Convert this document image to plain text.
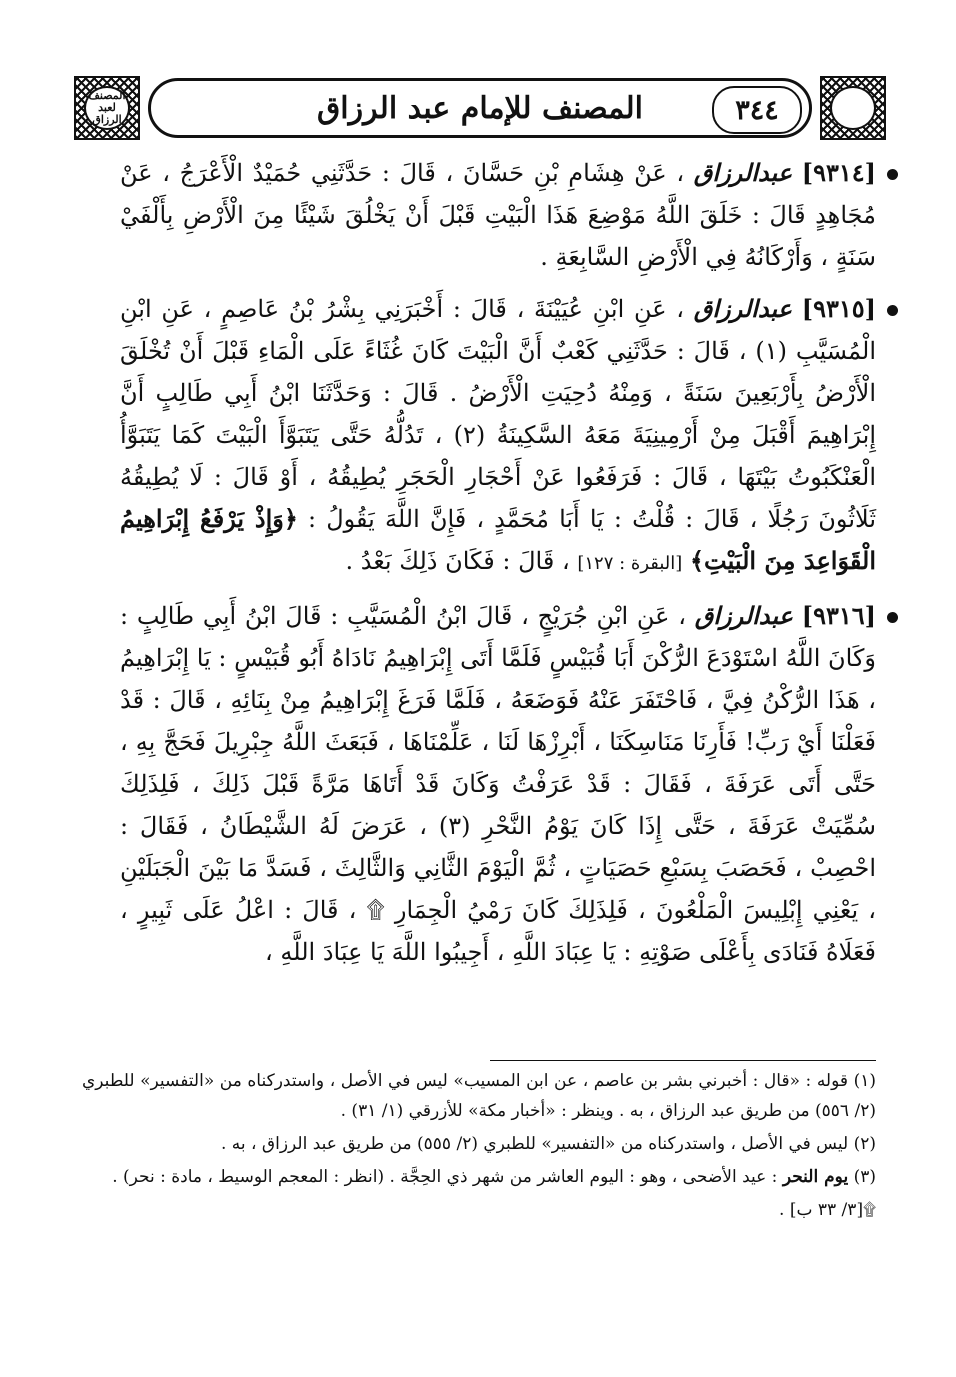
المصنف لعبد الرزاق	المصنف للإمام عبد الرزاق	٣٤٤

[٩٣١٤] عبدالرزاق ، عَنْ هِشَامِ بْنِ حَسَّانَ ، قَالَ : حَدَّثَنِي حُمَيْدٌ الْأَعْرَجُ ، عَنْ مُجَاهِدٍ قَالَ : خَلَقَ اللَّهُ مَوْضِعَ هَذَا الْبَيْتِ قَبْلَ أَنْ يَخْلُقَ شَيْئًا مِنَ الْأَرْضِ بِأَلْفَيْ سَنَةٍ ، وَأَرْكَانُهُ فِي الْأَرْضِ السَّابِعَةِ .

[٩٣١٥] عبدالرزاق ، عَنِ ابْنِ عُيَيْنَةَ ، قَالَ : أَخْبَرَنِي بِشْرُ بْنُ عَاصِمٍ ، عَنِ ابْنِ الْمُسَيَّبِ (١) ، قَالَ : حَدَّثَنِي كَعْبٌ أَنَّ الْبَيْتَ كَانَ غُثَاءً عَلَى الْمَاءِ قَبْلَ أَنْ تُخْلَقَ الْأَرْضُ بِأَرْبَعِينَ سَنَةً ، وَمِنْهُ دُحِيَتِ الْأَرْضُ . قَالَ : وَحَدَّثَنَا ابْنُ أَبِي طَالِبٍ أَنَّ إِبْرَاهِيمَ أَقْبَلَ مِنْ أَرْمِينِيَةَ مَعَهُ السَّكِينَةُ (٢) ، تَدُلُّهُ حَتَّى يَتَبَوَّأَ الْبَيْتَ كَمَا يَتَبَوَّأُ الْعَنْكَبُوتُ بَيْتَهَا ، قَالَ : فَرَفَعُوا عَنْ أَحْجَارِ الْحَجَرِ يُطِيقُهُ ، أَوْ قَالَ : لَا يُطِيقُهُ ثَلَاثُونَ رَجُلًا ، قَالَ : قُلْتُ : يَا أَبَا مُحَمَّدٍ ، فَإِنَّ اللَّهَ يَقُولُ : ﴿وَإِذْ يَرْفَعُ إِبْرَاهِيمُ الْقَوَاعِدَ مِنَ الْبَيْتِ﴾ [البقرة : ١٢٧] ، قَالَ : فَكَانَ ذَلِكَ بَعْدُ .

[٩٣١٦] عبدالرزاق ، عَنِ ابْنِ جُرَيْجٍ ، قَالَ ابْنُ الْمُسَيَّبِ : قَالَ ابْنُ أَبِي طَالِبٍ : وَكَانَ اللَّهُ اسْتَوْدَعَ الرُّكْنَ أَبَا قُبَيْسٍ فَلَمَّا أَتَى إِبْرَاهِيمُ نَادَاهُ أَبُو قُبَيْسٍ : يَا إِبْرَاهِيمُ ، هَذَا الرُّكْنُ فِيَّ ، فَاحْتَفَرَ عَنْهُ فَوَضَعَهُ ، فَلَمَّا فَرَغَ إِبْرَاهِيمُ مِنْ بِنَائِهِ ، قَالَ : قَدْ فَعَلْنَا أَيْ رَبِّ! فَأَرِنَا مَنَاسِكَنَا ، أَبْرِزْهَا لَنَا ، عَلِّمْنَاهَا ، فَبَعَثَ اللَّهُ جِبْرِيلَ فَحَجَّ بِهِ ، حَتَّى أَتَى عَرَفَةَ ، فَقَالَ : قَدْ عَرَفْتُ وَكَانَ قَدْ أَتَاهَا مَرَّةً قَبْلَ ذَلِكَ ، فَلِذَلِكَ سُمِّيَتْ عَرَفَةَ ، حَتَّى إِذَا كَانَ يَوْمُ النَّحْرِ (٣) ، عَرَضَ لَهُ الشَّيْطَانُ ، فَقَالَ : احْصِبْ ، فَحَصَبَ بِسَبْعِ حَصَيَاتٍ ، ثُمَّ الْيَوْمَ الثَّانِي وَالثَّالِثَ ، فَسَدَّ مَا بَيْنَ الْجَبَلَيْنِ ، يَعْنِي إِبْلِيسَ الْمَلْعُونَ ، فَلِذَلِكَ كَانَ رَمْيُ الْجِمَارِ ۩ ، قَالَ : اعْلُ عَلَى ثَبِيرٍ ، فَعَلَاهُ فَنَادَى بِأَعْلَى صَوْتِهِ : يَا عِبَادَ اللَّهِ ، أَجِيبُوا اللَّهَ يَا عِبَادَ اللَّهِ ،

(١) قوله : «قال : أخبرني بشر بن عاصم ، عن ابن المسيب» ليس في الأصل ، واستدركناه من «التفسير» للطبري (٢/ ٥٥٦) من طريق عبد الرزاق ، به . وينظر : «أخبار مكة» للأزرقي (١/ ٣١) .

(٢) ليس في الأصل ، واستدركناه من «التفسير» للطبري (٢/ ٥٥٥) من طريق عبد الرزاق ، به .

(٣) يوم النحر : عيد الأضحى ، وهو : اليوم العاشر من شهر ذي الحِجَّة . (انظر : المعجم الوسيط ، مادة : نحر) .

۩[٣/ ٣٣ ب] .
